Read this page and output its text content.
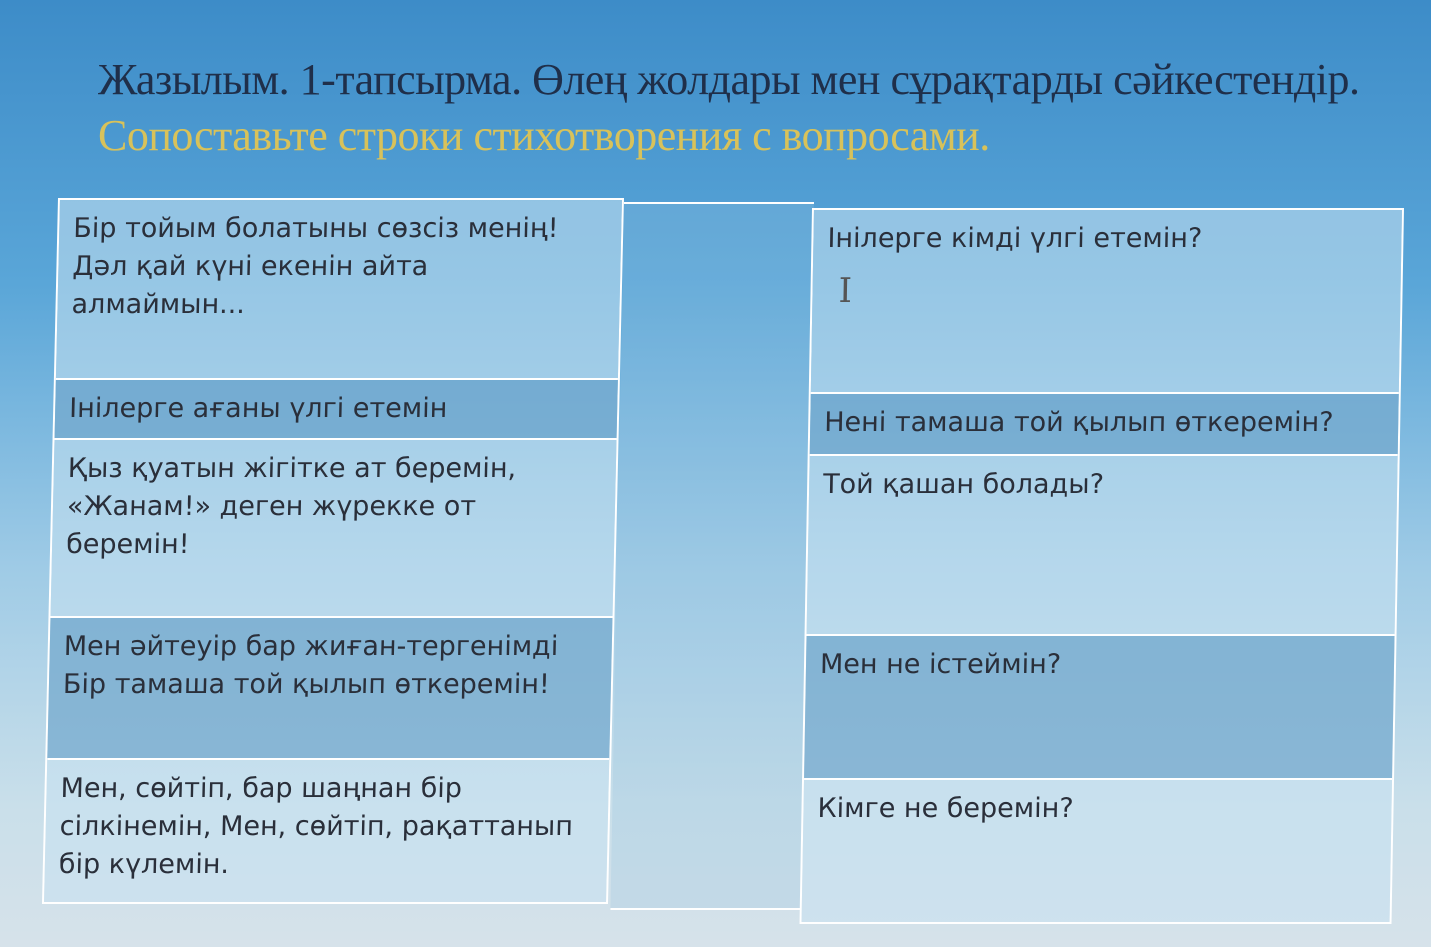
Жазылым. 1-тапсырма. Өлең жолдары мен сұрақтарды сәйкестендір. Сопоставьте строки стихотворения с вопросами.
Бір тойым болатыны сөзсіз менің! Дәл қай күні екенін айта алмаймын...
Інілерге ағаны үлгі етемін
Қыз қуатын жігітке ат беремін, «Жанам!» деген жүрекке от беремін!
Мен әйтеуір бар жиған-тергенімді Бір тамаша той қылып өткеремін!
Мен, сөйтіп, бар шаңнан бір сілкінемін, Мен, сөйтіп, рақаттанып бір күлемін.
Інілерге кімді үлгі етемін?
I
Нені тамаша той қылып өткеремін?
Той қашан болады?
Мен не істеймін?
Кімге не беремін?
